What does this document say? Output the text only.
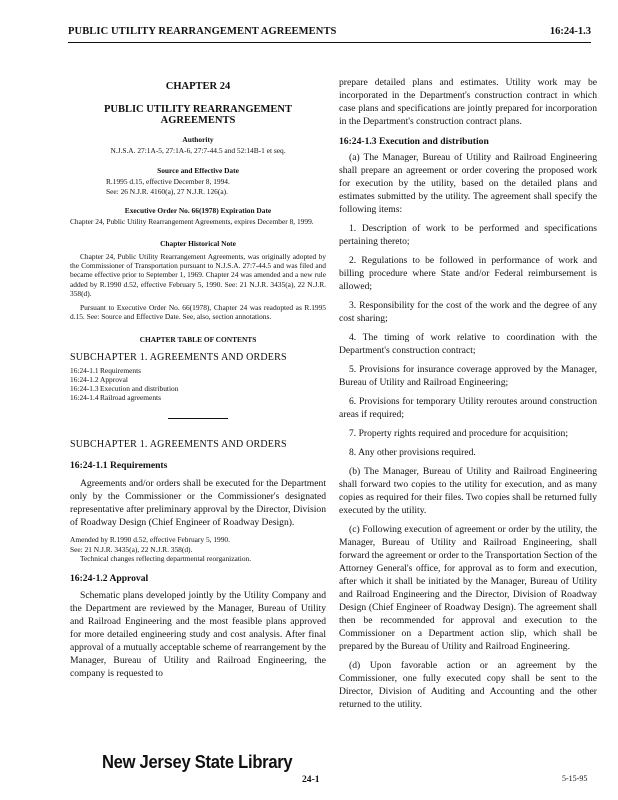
PUBLIC UTILITY REARRANGEMENT AGREEMENTS	16:24-1.3

CHAPTER 24

PUBLIC UTILITY REARRANGEMENT

AGREEMENTS

Authority

N.J.S.A. 27:1A-5, 27:1A-6, 27:7-44.5 and 52:14B-1 et seq.

Source and Effective Date

R.1995 d.15, effective December 8, 1994.

See: 26 N.J.R. 4160(a), 27 N.J.R. 126(a).

Executive Order No. 66(1978) Expiration Date

Chapter 24, Public Utility Rearrangement Agreements, expires December 8, 1999.

Chapter Historical Note

Chapter 24, Public Utility Rearrangement Agreements, was originally adopted by the Commissioner of Transportation pursuant to N.J.S.A. 27:7-44.5 and was filed and became effective prior to September 1, 1969. Chapter 24 was amended and a new rule added by R.1990 d.52, effective February 5, 1990. See: 21 N.J.R. 3435(a), 22 N.J.R. 358(d).

Pursuant to Executive Order No. 66(1978), Chapter 24 was readopted as R.1995 d.15. See: Source and Effective Date. See, also, section annotations.

CHAPTER TABLE OF CONTENTS

SUBCHAPTER 1. AGREEMENTS AND ORDERS

16:24-1.1 Requirements
16:24-1.2 Approval
16:24-1.3 Execution and distribution
16:24-1.4 Railroad agreements

SUBCHAPTER 1. AGREEMENTS AND ORDERS

16:24-1.1 Requirements

Agreements and/or orders shall be executed for the Department only by the Commissioner or the Commissioner's designated representative after preliminary approval by the Director, Division of Roadway Design (Chief Engineer of Roadway Design).

Amended by R.1990 d.52, effective February 5, 1990.

See: 21 N.J.R. 3435(a), 22 N.J.R. 358(d).

Technical changes reflecting departmental reorganization.

16:24-1.2 Approval

Schematic plans developed jointly by the Utility Company and the Department are reviewed by the Manager, Bureau of Utility and Railroad Engineering and the most feasible plans approved for more detailed engineering study and cost analysis. After final approval of a mutually acceptable scheme of rearrangement by the Manager, Bureau of Utility and Railroad Engineering, the company is requested to

prepare detailed plans and estimates. Utility work may be incorporated in the Department's construction contract in which case plans and specifications are jointly prepared for incorporation in the Department's construction contract plans.

16:24-1.3 Execution and distribution

(a) The Manager, Bureau of Utility and Railroad Engineering shall prepare an agreement or order covering the proposed work for execution by the utility, based on the detailed plans and estimates submitted by the utility. The agreement shall specify the following items:

1. Description of work to be performed and specifications pertaining thereto;

2. Regulations to be followed in performance of work and billing procedure where State and/or Federal reimbursement is allowed;

3. Responsibility for the cost of the work and the degree of any cost sharing;

4. The timing of work relative to coordination with the Department's construction contract;

5. Provisions for insurance coverage approved by the Manager, Bureau of Utility and Railroad Engineering;

6. Provisions for temporary Utility reroutes around construction areas if required;

7. Property rights required and procedure for acquisition;

8. Any other provisions required.

(b) The Manager, Bureau of Utility and Railroad Engineering shall forward two copies to the utility for execution, and as many copies as required for their files. Two copies shall be returned fully executed by the utility.

(c) Following execution of agreement or order by the utility, the Manager, Bureau of Utility and Railroad Engineering, shall forward the agreement or order to the Transportation Section of the Attorney General's office, for approval as to form and execution, after which it shall be initiated by the Manager, Bureau of Utility and Railroad Engineering and the Director, Division of Roadway Design (Chief Engineer of Roadway Design). The agreement shall then be recommended for approval and execution to the Commissioner on a Department action slip, which shall be prepared by the Bureau of Utility and Railroad Engineering.

(d) Upon favorable action or an agreement by the Commissioner, one fully executed copy shall be sent to the Director, Division of Auditing and Accounting and the other returned to the utility.

New Jersey State Library
24-1	5-15-95
